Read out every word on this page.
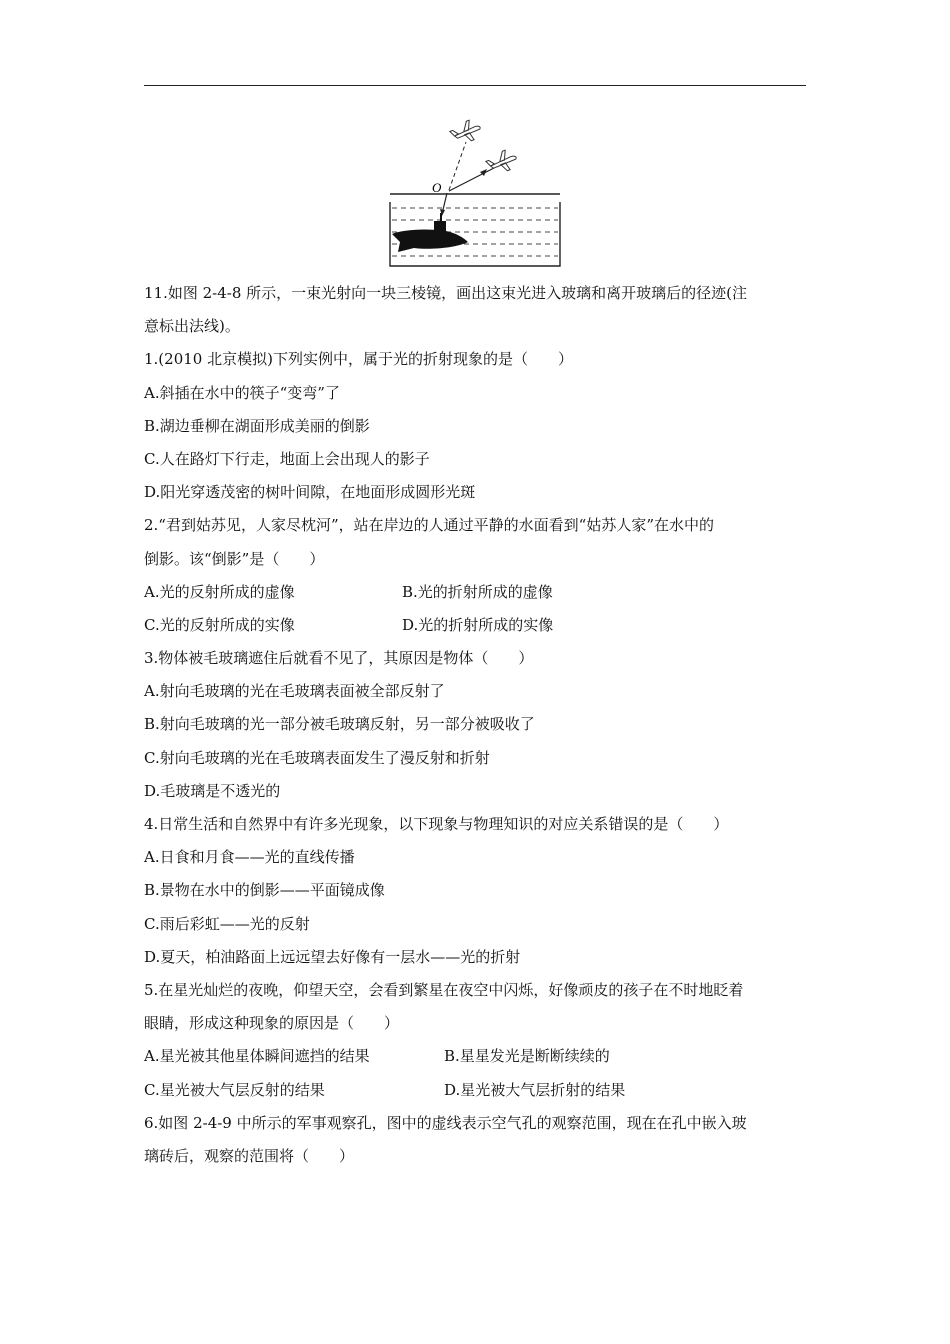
O
11.如图 2-4-8 所示，一束光射向一块三棱镜，画出这束光进入玻璃和离开玻璃后的径迹(注
意标出法线)。
1.(2010 北京模拟)下列实例中，属于光的折射现象的是（　　）
A.斜插在水中的筷子“变弯”了
B.湖边垂柳在湖面形成美丽的倒影
C.人在路灯下行走，地面上会出现人的影子
D.阳光穿透茂密的树叶间隙，在地面形成圆形光斑
2.“君到姑苏见，人家尽枕河”，站在岸边的人通过平静的水面看到“姑苏人家”在水中的
倒影。该“倒影”是（　　）
A.光的反射所成的虚像	B.光的折射所成的虚像
C.光的反射所成的实像	D.光的折射所成的实像
3.物体被毛玻璃遮住后就看不见了，其原因是物体（　　）
A.射向毛玻璃的光在毛玻璃表面被全部反射了
B.射向毛玻璃的光一部分被毛玻璃反射，另一部分被吸收了
C.射向毛玻璃的光在毛玻璃表面发生了漫反射和折射
D.毛玻璃是不透光的
4.日常生活和自然界中有许多光现象，以下现象与物理知识的对应关系错误的是（　　）
A.日食和月食——光的直线传播
B.景物在水中的倒影——平面镜成像
C.雨后彩虹——光的反射
D.夏天，柏油路面上远远望去好像有一层水——光的折射
5.在星光灿烂的夜晚，仰望天空，会看到繁星在夜空中闪烁，好像顽皮的孩子在不时地眨着
眼睛，形成这种现象的原因是（　　）
A.星光被其他星体瞬间遮挡的结果	B.星星发光是断断续续的
C.星光被大气层反射的结果	D.星光被大气层折射的结果
6.如图 2-4-9 中所示的军事观察孔，图中的虚线表示空气孔的观察范围，现在在孔中嵌入玻
璃砖后，观察的范围将（　　）
